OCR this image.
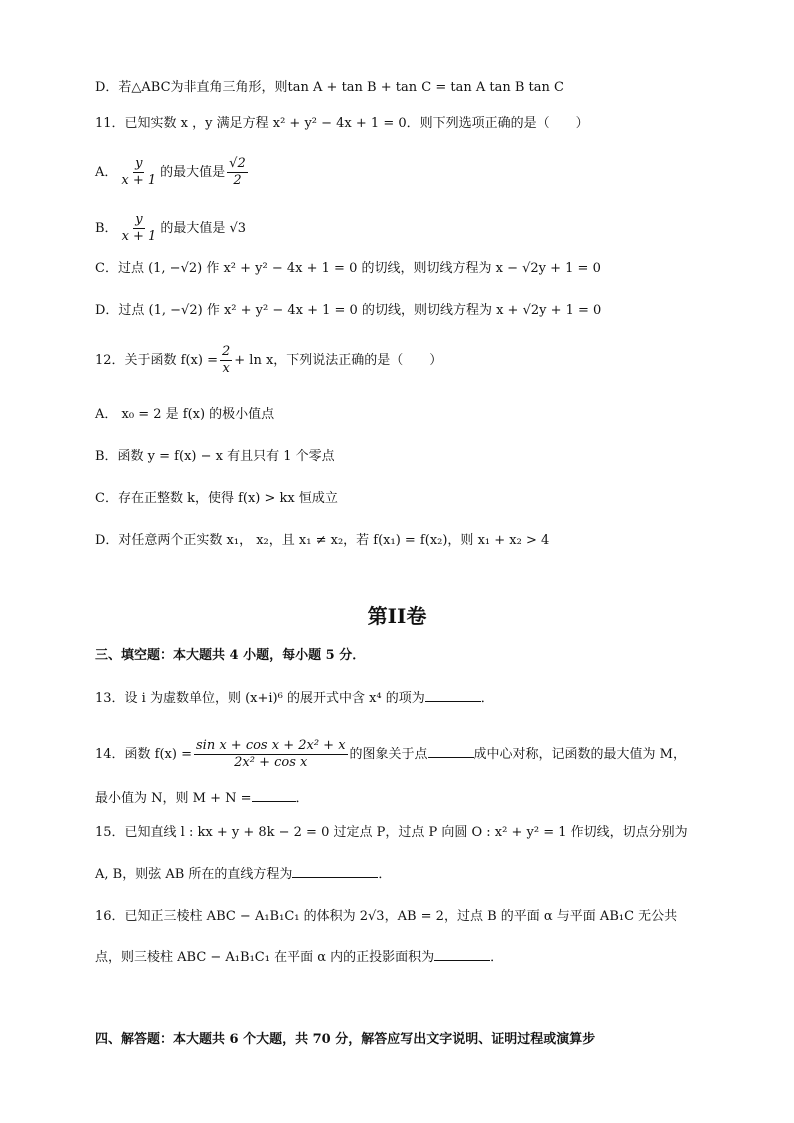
D．若△ABC为非直角三角形，则tan A + tan B + tan C = tan A tan B tan C
11．已知实数 x ，y 满足方程 x² + y² − 4x + 1 = 0．则下列选项正确的是（　　）
A． $\frac{y}{x + 1}$ 的最大值是 $\frac{√2}{2}$
B． $\frac{y}{x + 1}$ 的最大值是 √3
C．过点 (1, −√2) 作 x² + y² − 4x + 1 = 0 的切线，则切线方程为 x − √2y + 1 = 0
D．过点 (1, −√2) 作 x² + y² − 4x + 1 = 0 的切线，则切线方程为 x + √2y + 1 = 0
12．关于函数 $f(x) = \frac{2}{x} + \ln x$，下列说法正确的是（　　）
A． x₀ = 2 是 f(x) 的极小值点
B．函数 y = f(x) − x 有且只有 1 个零点
C．存在正整数 k，使得 f(x) > kx 恒成立
D．对任意两个正实数 x₁， x₂，且 x₁ ≠ x₂，若 f(x₁) = f(x₂)，则 x₁ + x₂ > 4
第II卷
三、填空题：本大题共 4 小题，每小题 5 分．
13．设 i 为虚数单位，则 (x+i)⁶ 的展开式中含 x⁴ 的项为	．
14．函数 $f(x) = \frac{\text{sin x + cos x + 2x² + x}}{\text{2x² + cos x}}$ 的图象关于点	成中心对称，记函数的最大值为 M，
最小值为 N，则 M + N =	．
15．已知直线 l : kx + y + 8k − 2 = 0 过定点 P，过点 P 向圆 O : x² + y² = 1 作切线，切点分别为
A, B，则弦 AB 所在的直线方程为	．
16．已知正三棱柱 ABC − A₁B₁C₁ 的体积为 2√3，AB = 2，过点 B 的平面 α 与平面 AB₁C 无公共
点，则三棱柱 ABC − A₁B₁C₁ 在平面 α 内的正投影面积为	．
四、解答题：本大题共 6 个大题，共 70 分，解答应写出文字说明、证明过程或演算步
